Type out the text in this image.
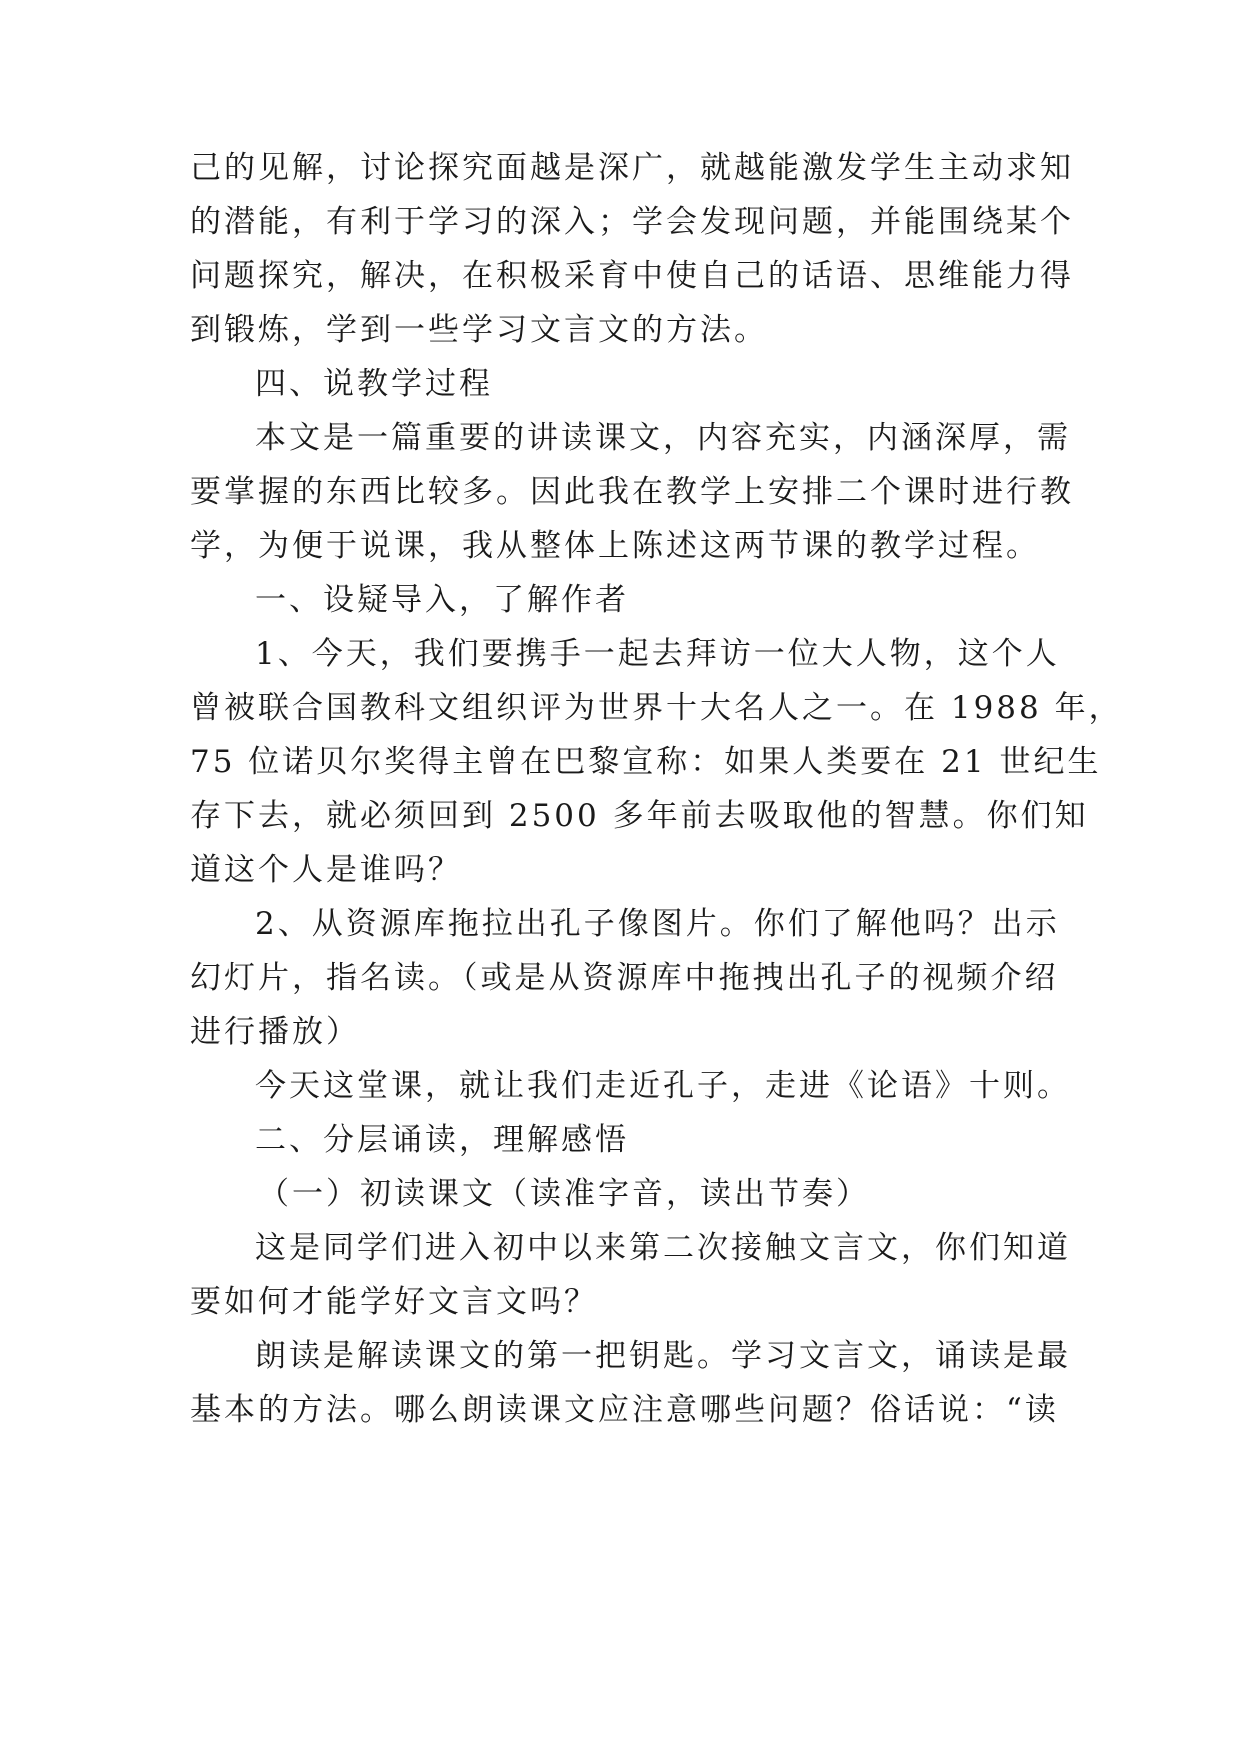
己的见解，讨论探究面越是深广，就越能激发学生主动求知
的潜能，有利于学习的深入；学会发现问题，并能围绕某个
问题探究，解决，在积极采育中使自己的话语、思维能力得
到锻炼，学到一些学习文言文的方法。
四、说教学过程
本文是一篇重要的讲读课文，内容充实，内涵深厚，需
要掌握的东西比较多。因此我在教学上安排二个课时进行教
学，为便于说课，我从整体上陈述这两节课的教学过程。
一、设疑导入，了解作者
1、今天，我们要携手一起去拜访一位大人物，这个人
曾被联合国教科文组织评为世界十大名人之一。在 1988 年，
75 位诺贝尔奖得主曾在巴黎宣称：如果人类要在 21 世纪生
存下去，就必须回到 2500 多年前去吸取他的智慧。你们知
道这个人是谁吗？
2、从资源库拖拉出孔子像图片。你们了解他吗？出示
幻灯片，指名读。（或是从资源库中拖拽出孔子的视频介绍
进行播放）
今天这堂课，就让我们走近孔子，走进《论语》十则。
二、分层诵读，理解感悟
（一）初读课文（读准字音，读出节奏）
这是同学们进入初中以来第二次接触文言文，你们知道
要如何才能学好文言文吗？
朗读是解读课文的第一把钥匙。学习文言文，诵读是最
基本的方法。哪么朗读课文应注意哪些问题？俗话说：“读
